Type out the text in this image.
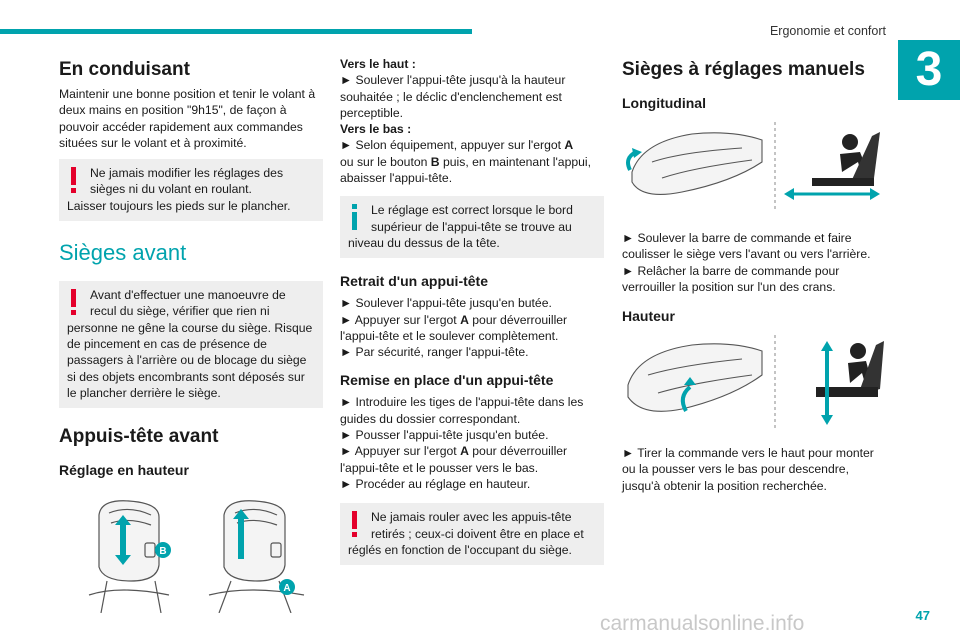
Ergonomie et confort
3
En conduisant
Maintenir une bonne position et tenir le volant à deux mains en position "9h15", de façon à pouvoir accéder rapidement aux commandes situées sur le volant et à proximité.
Ne jamais modifier les réglages des sièges ni du volant en roulant.
Laisser toujours les pieds sur le plancher.
Sièges avant
Avant d'effectuer une manoeuvre de recul du siège, vérifier que rien ni
personne ne gêne la course du siège. Risque de pincement en cas de présence de passagers à l'arrière ou de blocage du siège si des objets encombrants sont déposés sur le plancher derrière le siège.
Appuis-tête avant
Réglage en hauteur
B
A
Vers le haut :
► Soulever l'appui-tête jusqu'à la hauteur souhaitée ; le déclic d'enclenchement est perceptible.
Vers le bas :
► Selon équipement, appuyer sur l'ergot A
ou sur le bouton B puis, en maintenant l'appui, abaisser l'appui-tête.
Le réglage est correct lorsque le bord supérieur de l'appui-tête se trouve au
niveau du dessus de la tête.
Retrait d'un appui-tête
► Soulever l'appui-tête jusqu'en butée.
► Appuyer sur l'ergot A pour déverrouiller
l'appui-tête et le soulever complètement.
► Par sécurité, ranger l'appui-tête.
Remise en place d'un appui-tête
► Introduire les tiges de l'appui-tête dans les guides du dossier correspondant.
► Pousser l'appui-tête jusqu'en butée.
► Appuyer sur l'ergot A pour déverrouiller
l'appui-tête et le pousser vers le bas.
► Procéder au réglage en hauteur.
Ne jamais rouler avec les appuis-tête retirés ; ceux-ci doivent être en place et
réglés en fonction de l'occupant du siège.
Sièges à réglages manuels
Longitudinal
► Soulever la barre de commande et faire coulisser le siège vers l'avant ou vers l'arrière.
► Relâcher la barre de commande pour verrouiller la position sur l'un des crans.
Hauteur
► Tirer la commande vers le haut pour monter ou la pousser vers le bas pour descendre, jusqu'à obtenir la position recherchée.
47
carmanualsonline.info
